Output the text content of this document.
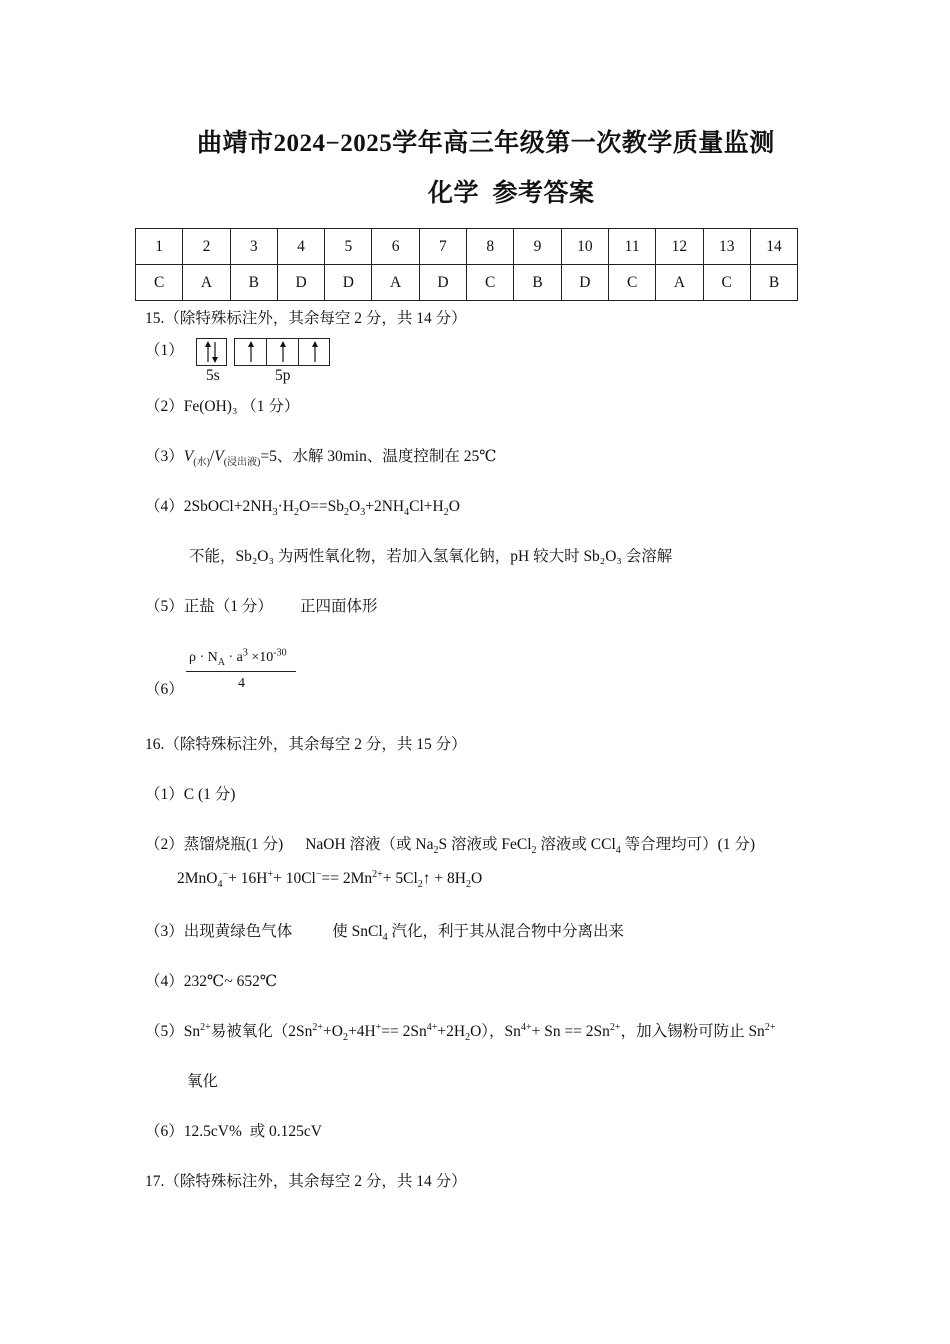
曲靖市2024−2025学年高三年级第一次教学质量监测
化学  参考答案
1	2	3	4	5	6	7	8	9	10	11	12	13	14
C	A	B	D	D	A	D	C	B	D	C	A	C	B
15.（除特殊标注外，其余每空 2 分，共 14 分）
（1）
5s	5p
（2）Fe(OH)₃ （1 分）
$(3)V_{(水)}/V_{(浸出液)}=5$、水解 30min、温度控制在 25℃
$(4)2SbOCl+2NH_3\cdot H_2O==Sb_2O_3+2NH_4Cl+H_2O$
不能，Sb₂O₃ 为两性氧化物，若加入氢氧化钠，pH 较大时 Sb₂O₃ 会溶解
（5）正盐（1 分）       正四面体形
（6）
$\rho \cdot N_A \cdot a^3 \times 10^{-30}$
4
16.（除特殊标注外，其余每空 2 分，共 15 分）
（1）C (1 分)
（2）蒸馏烧瓶(1 分) NaOH 溶液（或 $Na_2S$ 溶液或 FeCl$_2$ 溶液或 CCl$_4$ 等合理均可）(1 分)
$2MnO_4^-+ 16H^++ 10Cl^-== 2Mn^{2+}+$ $5Cl_2↑ + 8H_2O$
（3）出现黄绿色气体	使 SnCl$_4$ 汽化，利于其从混合物中分离出来
（4）232℃~ 652℃
$(5)Sn^{2+}$易被氧化$(2Sn^{2+}+O_2+4H^+== 2Sn^{4+}+2H_2O)$，$Sn^{4+}+ Sn == 2Sn^{2+}$，加入锡粉可防止 $Sn^{2+}$
氧化
（6）12.5cV%  或 0.125cV
17.（除特殊标注外，其余每空 2 分，共 14 分）
